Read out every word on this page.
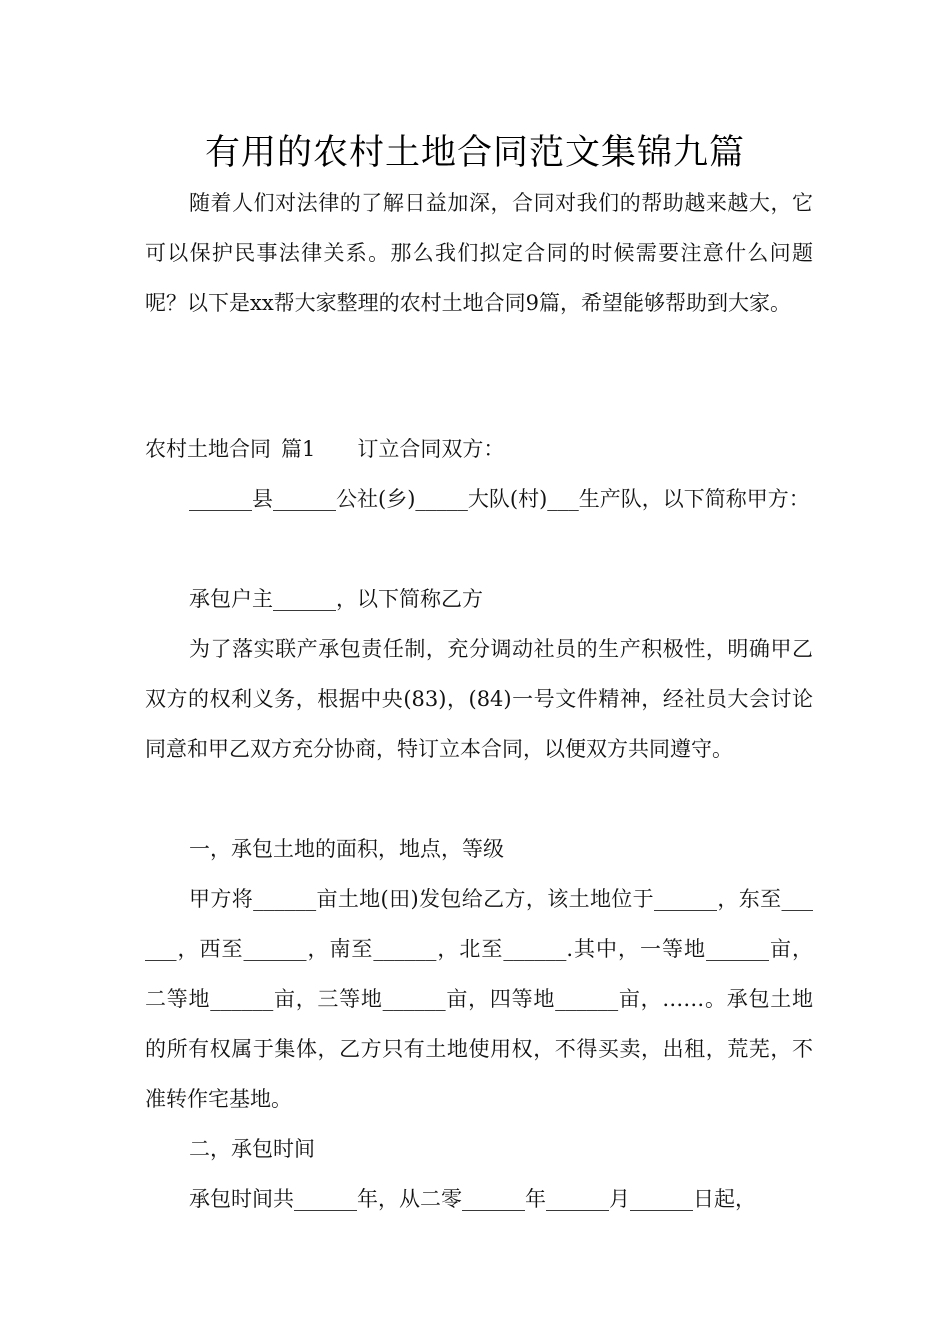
有用的农村土地合同范文集锦九篇

随着人们对法律的了解日益加深，合同对我们的帮助越来越大，它可以保护民事法律关系。那么我们拟定合同的时候需要注意什么问题呢？以下是xx帮大家整理的农村土地合同9篇，希望能够帮助到大家。

农村土地合同 篇1 订立合同双方：

______县______公社(乡)_____大队(村)___生产队，以下简称甲方：

承包户主______，以下简称乙方

为了落实联产承包责任制，充分调动社员的生产积极性，明确甲乙双方的权利义务，根据中央(83)，(84)一号文件精神，经社员大会讨论同意和甲乙双方充分协商，特订立本合同，以便双方共同遵守。

一，承包土地的面积，地点，等级

甲方将______亩土地(田)发包给乙方，该土地位于______，东至______，西至______，南至______，北至______.其中，一等地______亩，二等地______亩，三等地______亩，四等地______亩，……。承包土地的所有权属于集体，乙方只有土地使用权，不得买卖，出租，荒芜，不准转作宅基地。

二，承包时间

承包时间共______年，从二零______年______月______日起，
